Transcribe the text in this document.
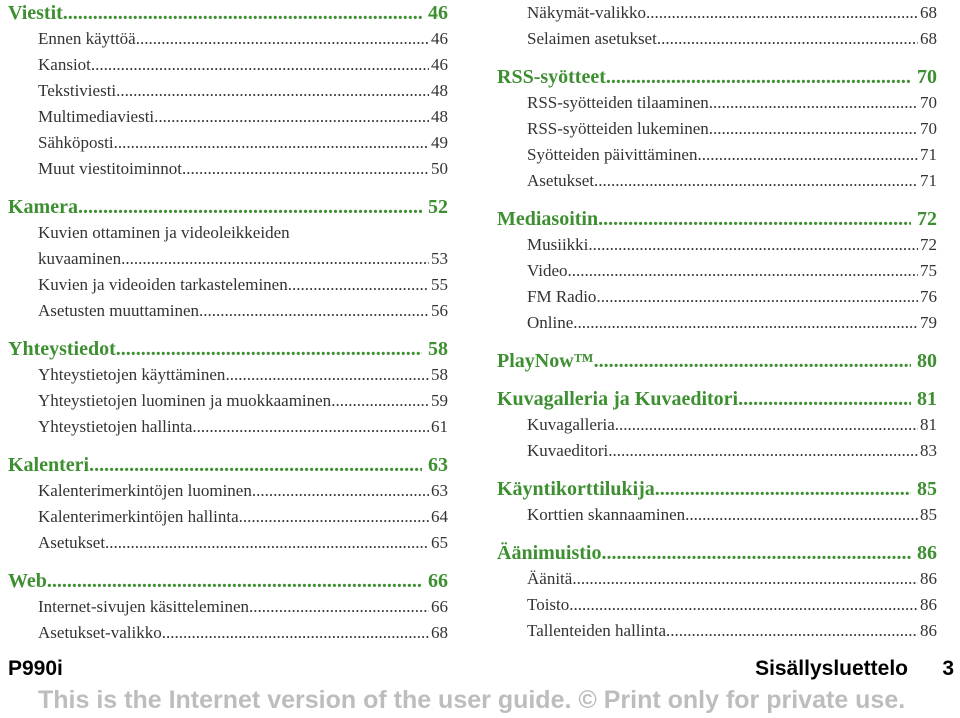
Viestit .....	46
Ennen käyttöä .....	46
Kansiot .....	46
Tekstiviesti .....	48
Multimediaviesti .....	48
Sähköposti .....	49
Muut viestitoiminnot .....	50
Kamera .....	52
Kuvien ottaminen ja videoleikkeiden
kuvaaminen .....	53
Kuvien ja videoiden tarkasteleminen .....	55
Asetusten muuttaminen .....	56
Yhteystiedot .....	58
Yhteystietojen käyttäminen .....	58
Yhteystietojen luominen ja muokkaaminen .....	59
Yhteystietojen hallinta .....	61
Kalenteri .....	63
Kalenterimerkintöjen luominen .....	63
Kalenterimerkintöjen hallinta .....	64
Asetukset .....	65
Web .....	66
Internet-sivujen käsitteleminen .....	66
Asetukset-valikko .....	68
Näkymät-valikko .....	68
Selaimen asetukset .....	68
RSS-syötteet .....	70
RSS-syötteiden tilaaminen .....	70
RSS-syötteiden lukeminen .....	70
Syötteiden päivittäminen .....	71
Asetukset .....	71
Mediasoitin .....	72
Musiikki .....	72
Video .....	75
FM Radio .....	76
Online .....	79
PlayNow™ .....	80
Kuvagalleria ja Kuvaeditori .....	81
Kuvagalleria .....	81
Kuvaeditori .....	83
Käyntikorttilukija .....	85
Korttien skannaaminen .....	85
Äänimuistio .....	86
Äänitä .....	86
Toisto .....	86
Tallenteiden hallinta .....	86
P990i	Sisällysluettelo 3
This is the Internet version of the user guide. © Print only for private use.
